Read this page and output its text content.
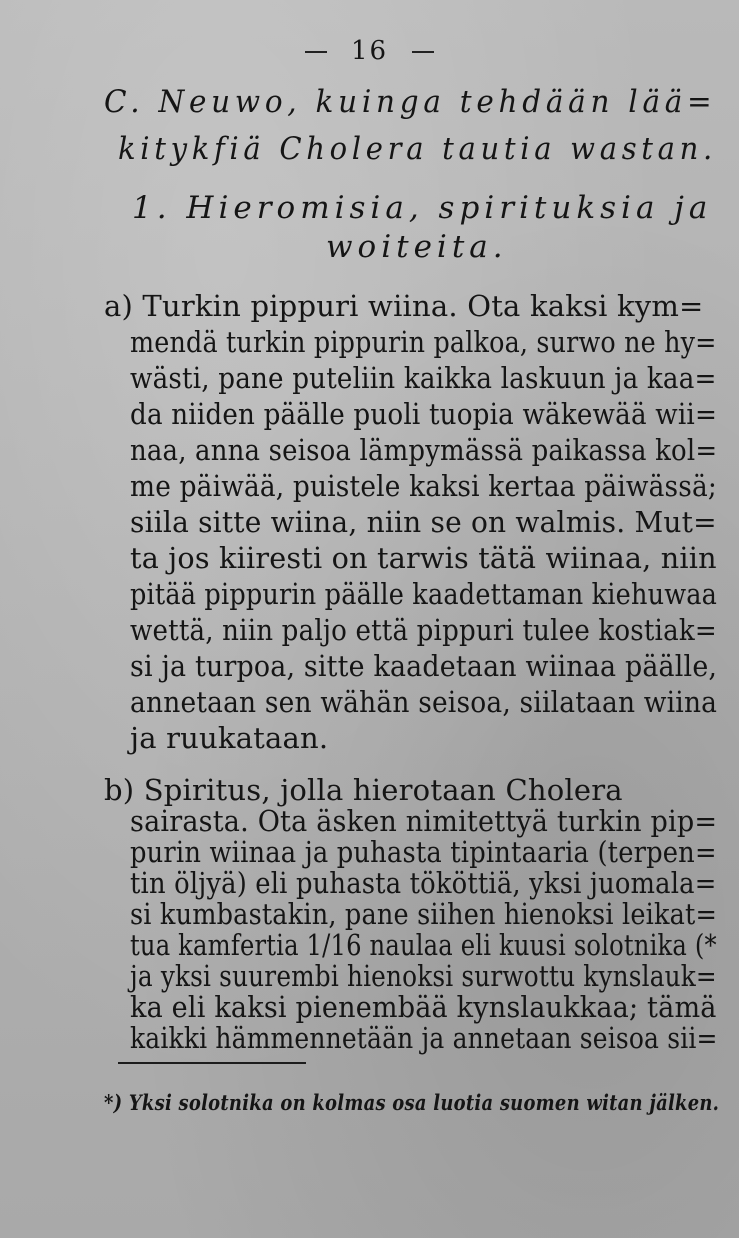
16
C. Neuwo, kuinga tehdään lää=
kitykfiä Cholera tautia wastan.
1. Hieromisia, spirituksia ja
woiteita.
a) Turkin pippuri wiina. Ota kaksi kym=
mendä turkin pippurin palkoa, surwo ne hy=
wästi, pane puteliin kaikka laskuun ja kaa=
da niiden päälle puoli tuopia wäkewää wii=
naa, anna seisoa lämpymässä paikassa kol=
me päiwää, puistele kaksi kertaa päiwässä;
siila sitte wiina, niin se on walmis. Mut=
ta jos kiiresti on tarwis tätä wiinaa, niin
pitää pippurin päälle kaadettaman kiehuwaa
wettä, niin paljo että pippuri tulee kostiak=
si ja turpoa, sitte kaadetaan wiinaa päälle,
annetaan sen wähän seisoa, siilataan wiina
ja ruukataan.
b) Spiritus, jolla hierotaan Cholera
sairasta. Ota äsken nimitettyä turkin pip=
purin wiinaa ja puhasta tipintaaria (terpen=
tin öljyä) eli puhasta tököttiä, yksi juomala=
si kumbastakin, pane siihen hienoksi leikat=
tua kamfertia 1/16 naulaa eli kuusi solotnika (*
ja yksi suurembi hienoksi surwottu kynslauk=
ka eli kaksi pienembää kynslaukkaa; tämä
*) Yksi solotnika on kolmas osa luotia suomen witan jälken.
kaikki hämmennetään ja annetaan seisoa sii=
